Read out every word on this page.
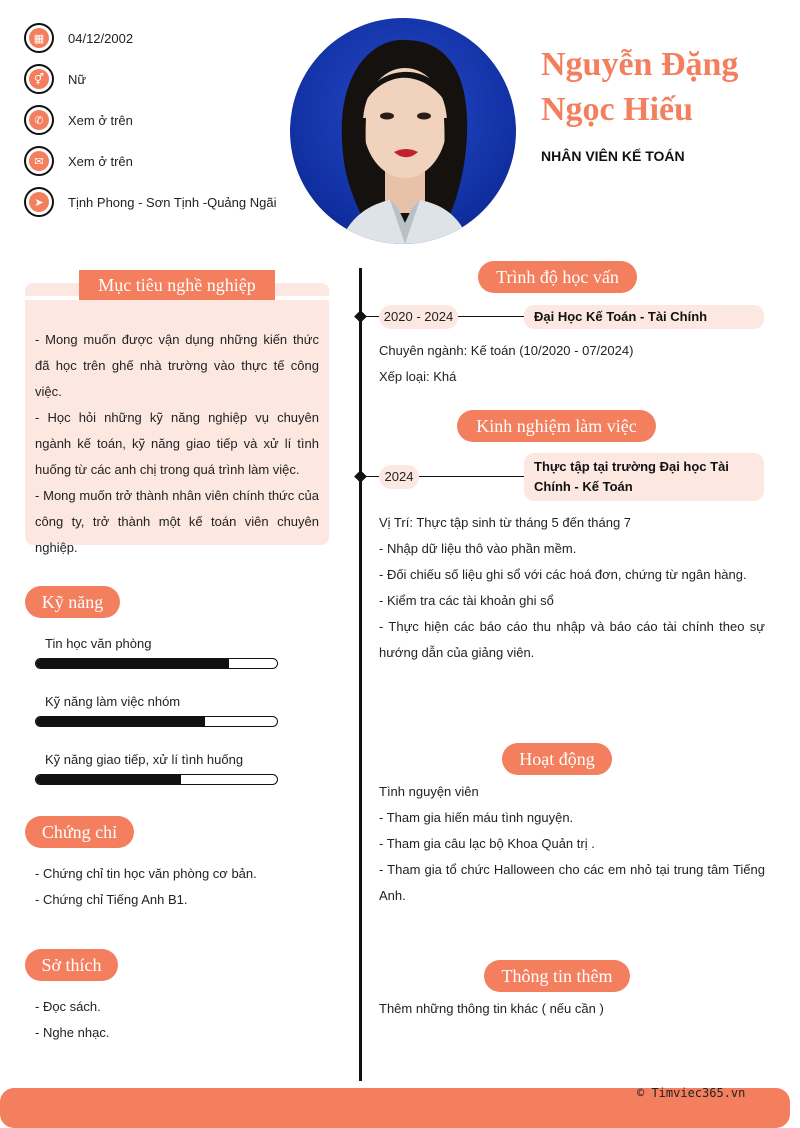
▦	04/12/2002
⚥	Nữ
✆	Xem ở trên
✉	Xem ở trên
➤	Tịnh Phong - Sơn Tịnh -Quảng Ngãi
Nguyễn Đặng
Ngọc Hiếu
NHÂN VIÊN KẾ TOÁN
Mục tiêu nghề nghiệp
- Mong muốn được vận dụng những kiến thức đã học trên ghế nhà trường vào thực tế công việc.
- Học hỏi những kỹ năng nghiệp vụ chuyên ngành kế toán, kỹ năng giao tiếp và xử lí tình huống từ các anh chị trong quá trình làm việc.
- Mong muốn trở thành nhân viên chính thức của công ty, trở thành một kế toán viên chuyên nghiệp.
Kỹ năng
Tin học văn phòng
Kỹ năng làm việc nhóm
Kỹ năng giao tiếp, xử lí tình huống
Chứng chỉ
- Chứng chỉ tin học văn phòng cơ bản.
- Chứng chỉ Tiếng Anh B1.
Sở thích
- Đọc sách.
- Nghe nhạc.
Trình độ học vấn
2020 - 2024	Đại Học Kế Toán - Tài Chính
Chuyên ngành: Kế toán (10/2020 - 07/2024)
Xếp loại: Khá
Kinh nghiệm làm việc
2024
Thực tập tại trường Đại học Tài Chính - Kế Toán
Vị Trí: Thực tập sinh từ tháng 5 đến tháng 7
- Nhập dữ liệu thô vào phần mềm.
- Đối chiếu số liệu ghi sổ với các hoá đơn, chứng từ ngân hàng.
- Kiểm tra các tài khoản ghi sổ
- Thực hiện các báo cáo thu nhập và báo cáo tài chính theo sự hướng dẫn của giảng viên.
Hoạt động
Tình nguyện viên
- Tham gia hiến máu tình nguyện.
- Tham gia câu lạc bộ Khoa Quản trị .
- Tham gia tổ chức Halloween cho các em nhỏ tại trung tâm Tiếng Anh.
Thông tin thêm
Thêm những thông tin khác ( nếu cần )
© Timviec365.vn
